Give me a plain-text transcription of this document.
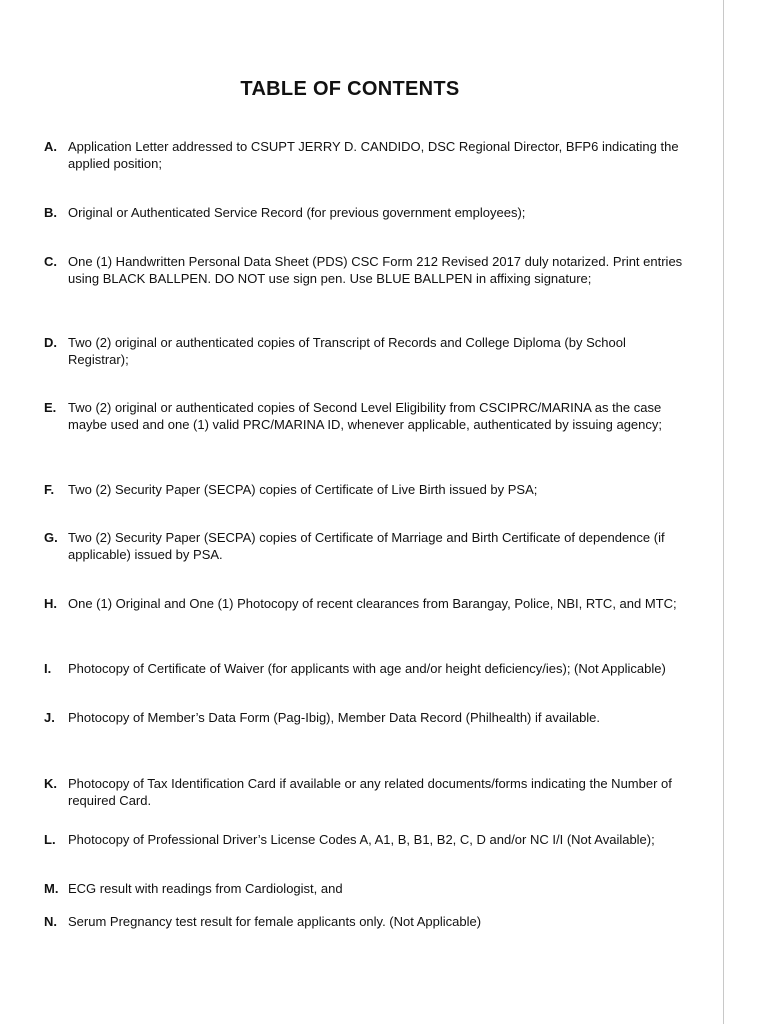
TABLE OF CONTENTS
A. Application Letter addressed to CSUPT JERRY D. CANDIDO, DSC Regional Director, BFP6 indicating the applied position;
B. Original or Authenticated Service Record (for previous government employees);
C. One (1) Handwritten Personal Data Sheet (PDS) CSC Form 212 Revised 2017 duly notarized. Print entries using BLACK BALLPEN. DO NOT use sign pen. Use BLUE BALLPEN in affixing signature;
D. Two (2) original or authenticated copies of Transcript of Records and College Diploma (by School Registrar);
E. Two (2) original or authenticated copies of Second Level Eligibility from CSCIPRC/MARINA as the case maybe used and one (1) valid PRC/MARINA ID, whenever applicable, authenticated by issuing agency;
F. Two (2) Security Paper (SECPA) copies of Certificate of Live Birth issued by PSA;
G. Two (2) Security Paper (SECPA) copies of Certificate of Marriage and Birth Certificate of dependence (if applicable) issued by PSA.
H. One (1) Original and One (1) Photocopy of recent clearances from Barangay, Police, NBI, RTC, and MTC;
I. Photocopy of Certificate of Waiver (for applicants with age and/or height deficiency/ies); (Not Applicable)
J. Photocopy of Member’s Data Form (Pag-Ibig), Member Data Record (Philhealth) if available.
K. Photocopy of Tax Identification Card if available or any related documents/forms indicating the Number of required Card.
L. Photocopy of Professional Driver’s License Codes A, A1, B, B1, B2, C, D and/or NC I/I (Not Available);
M. ECG result with readings from Cardiologist, and
N. Serum Pregnancy test result for female applicants only. (Not Applicable)
